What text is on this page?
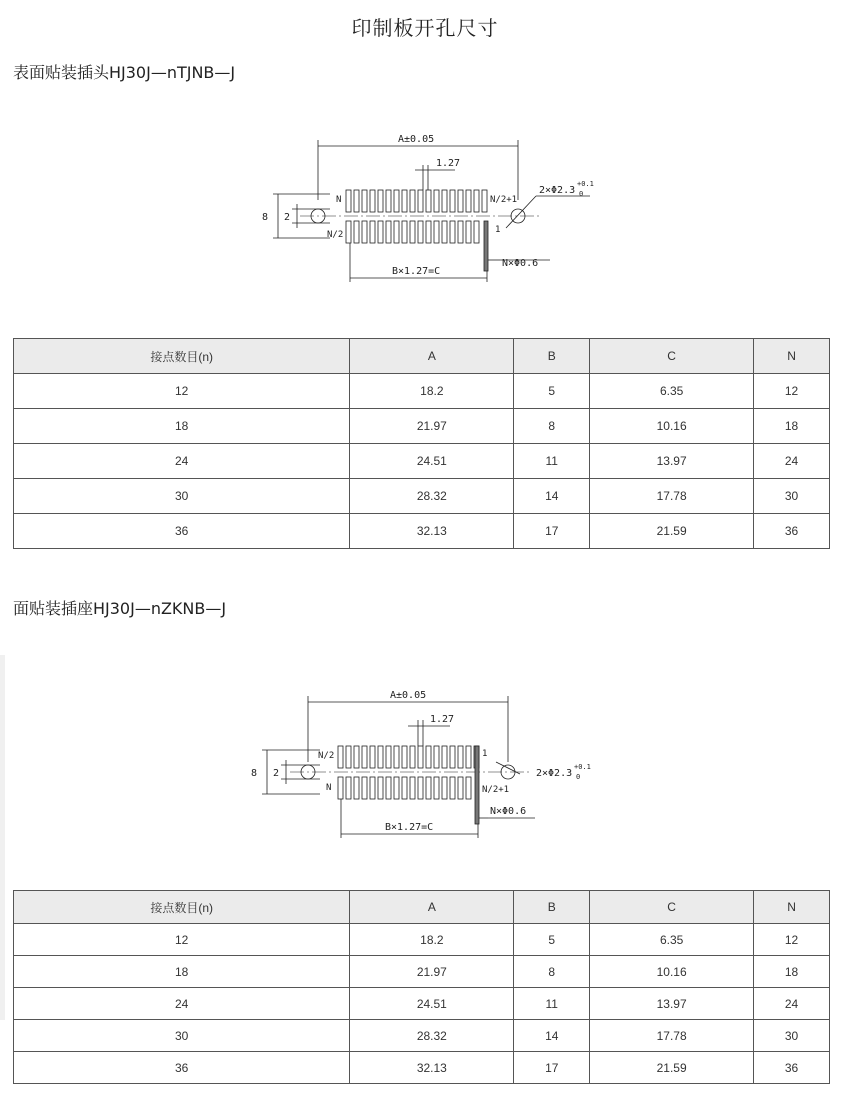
印制板开孔尺寸
表面贴装插头HJ30J—nTJNB—J
A±0.05
1.27
N
N/2
N/2+1
1
8 2
2×Φ2.3
+0.1
0
B×1.27=C
N×Φ0.6
接点数目(n)	A	B	C	N
12	18.2	5	6.35	12
18	21.97	8	10.16	18
24	24.51	11	13.97	24
30	28.32	14	17.78	30
36	32.13	17	21.59	36
面贴装插座HJ30J—nZKNB—J
A±0.05
1.27
N/2
N
1
N/2+1
8 2	2×Φ2.3
+0.1
0
B×1.27=C
N×Φ0.6
接点数目(n)	A	B	C	N
12	18.2	5	6.35	12
18	21.97	8	10.16	18
24	24.51	11	13.97	24
30	28.32	14	17.78	30
36	32.13	17	21.59	36
